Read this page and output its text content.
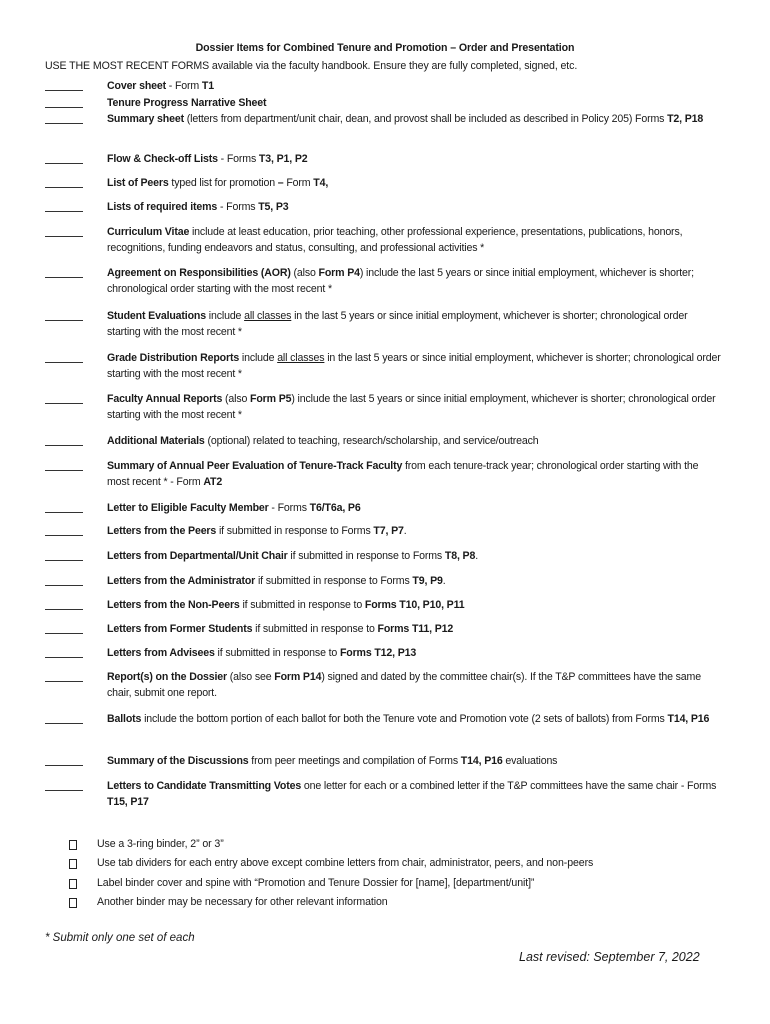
Dossier Items for Combined Tenure and Promotion – Order and Presentation
USE THE MOST RECENT FORMS available via the faculty handbook. Ensure they are fully completed, signed, etc.
Cover sheet - Form T1
Tenure Progress Narrative Sheet
Summary sheet (letters from department/unit chair, dean, and provost shall be included as described in Policy 205) Forms T2, P18
Flow & Check-off Lists - Forms T3, P1, P2
List of Peers typed list for promotion – Form T4,
Lists of required items - Forms T5, P3
Curriculum Vitae include at least education, prior teaching, other professional experience, presentations, publications, honors, recognitions, funding endeavors and status, consulting, and professional activities *
Agreement on Responsibilities (AOR) (also Form P4) include the last 5 years or since initial employment, whichever is shorter; chronological order starting with the most recent *
Student Evaluations include all classes in the last 5 years or since initial employment, whichever is shorter; chronological order starting with the most recent *
Grade Distribution Reports include all classes in the last 5 years or since initial employment, whichever is shorter; chronological order starting with the most recent *
Faculty Annual Reports (also Form P5) include the last 5 years or since initial employment, whichever is shorter; chronological order starting with the most recent *
Additional Materials (optional) related to teaching, research/scholarship, and service/outreach
Summary of Annual Peer Evaluation of Tenure-Track Faculty from each tenure-track year; chronological order starting with the most recent * - Form AT2
Letter to Eligible Faculty Member - Forms T6/T6a, P6
Letters from the Peers if submitted in response to Forms T7, P7.
Letters from Departmental/Unit Chair if submitted in response to Forms T8, P8.
Letters from the Administrator if submitted in response to Forms T9, P9.
Letters from the Non-Peers if submitted in response to Forms T10, P10, P11
Letters from Former Students if submitted in response to Forms T11, P12
Letters from Advisees if submitted in response to Forms T12, P13
Report(s) on the Dossier (also see Form P14) signed and dated by the committee chair(s). If the T&P committees have the same chair, submit one report.
Ballots include the bottom portion of each ballot for both the Tenure vote and Promotion vote (2 sets of ballots) from Forms T14, P16
Summary of the Discussions from peer meetings and compilation of Forms T14, P16 evaluations
Letters to Candidate Transmitting Votes one letter for each or a combined letter if the T&P committees have the same chair - Forms T15, P17
Use a 3-ring binder, 2” or 3”
Use tab dividers for each entry above except combine letters from chair, administrator, peers, and non-peers
Label binder cover and spine with “Promotion and Tenure Dossier for [name], [department/unit]”
Another binder may be necessary for other relevant information
* Submit only one set of each
Last revised: September 7, 2022
